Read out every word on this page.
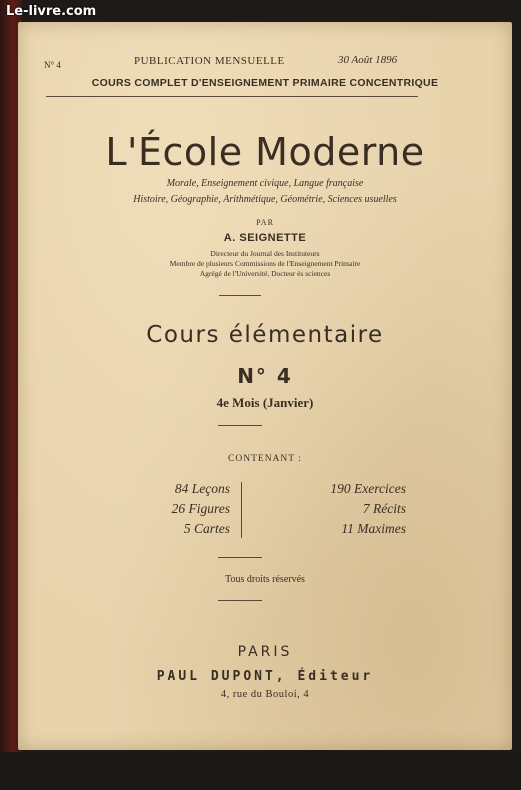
Le-livre.com
N° 4	PUBLICATION MENSUELLE	30 Août 1896
COURS COMPLET D'ENSEIGNEMENT PRIMAIRE CONCENTRIQUE
L'École Moderne
Morale, Enseignement civique, Langue française
Histoire, Géographie, Arithmétique, Géométrie, Sciences usuelles
PAR
A. SEIGNETTE
Directeur du Journal des Instituteurs
Membre de plusieurs Commissions de l'Enseignement Primaire
Agrégé de l'Université, Docteur ès sciences
Cours élémentaire
N° 4
4e Mois (Janvier)
CONTENANT :
84 Leçons
26 Figures
5 Cartes
190 Exercices
7 Récits
11 Maximes
Tous droits réservés
PARIS
PAUL DUPONT, Éditeur
4, rue du Bouloi, 4
